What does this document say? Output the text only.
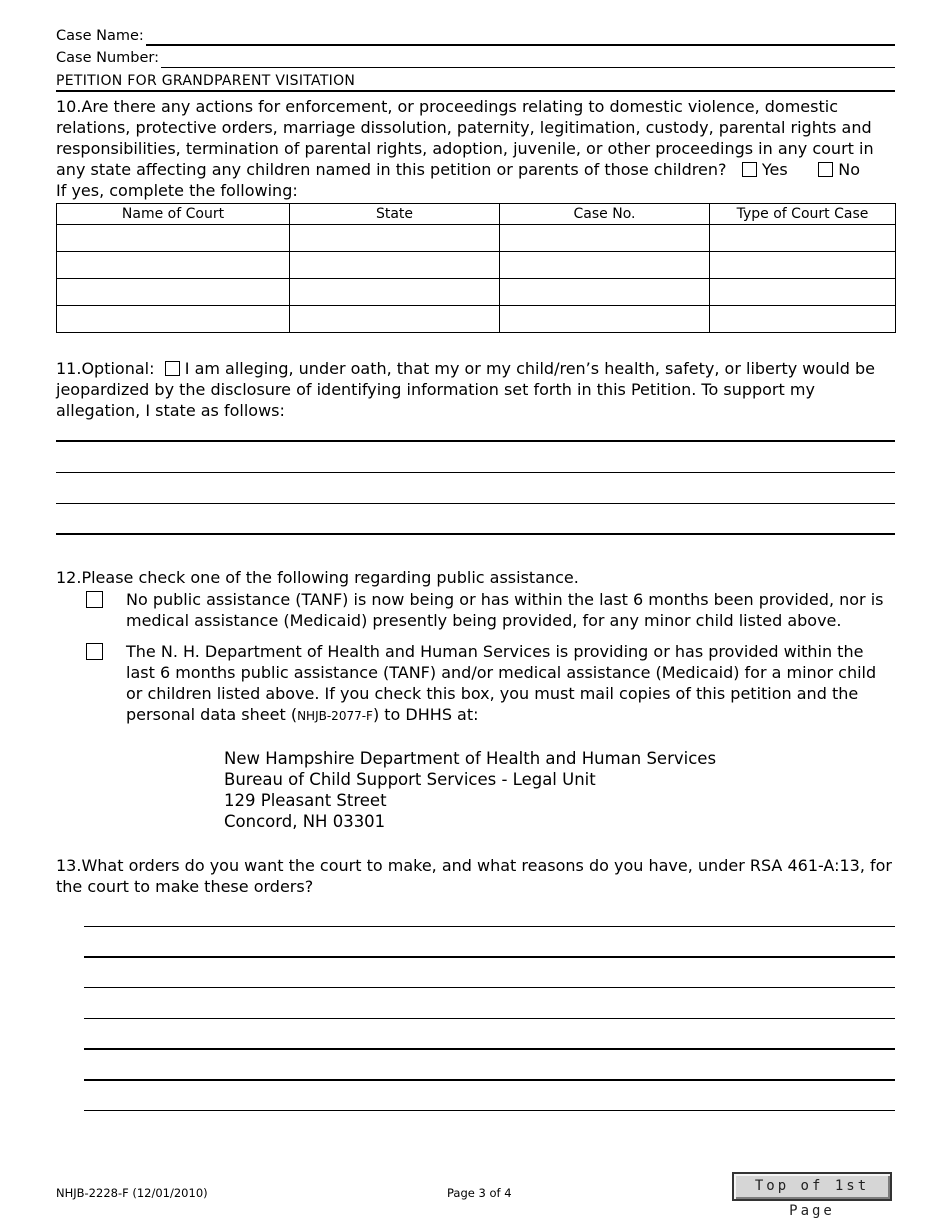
Case Name:
Case Number:
PETITION FOR GRANDPARENT VISITATION
10.Are there any actions for enforcement, or proceedings relating to domestic violence, domestic relations, protective orders, marriage dissolution, paternity, legitimation, custody, parental rights and responsibilities, termination of parental rights, adoption, juvenile, or other proceedings in any court in any state affecting any children named in this petition or parents of those children? Yes	No
If yes, complete the following:
Name of Court	State	Case No.	Type of Court Case

11.Optional: I am alleging, under oath, that my or my child/ren’s health, safety, or liberty would be jeopardized by the disclosure of identifying information set forth in this Petition. To support my allegation, I state as follows:
12.Please check one of the following regarding public assistance.
No public assistance (TANF) is now being or has within the last 6 months been provided, nor is medical assistance (Medicaid) presently being provided, for any minor child listed above.
The N. H. Department of Health and Human Services is providing or has provided within the last 6 months public assistance (TANF) and/or medical assistance (Medicaid) for a minor child or children listed above. If you check this box, you must mail copies of this petition and the personal data sheet (NHJB-2077-F) to DHHS at:
New Hampshire Department of Health and Human Services
Bureau of Child Support Services - Legal Unit
129 Pleasant Street
Concord, NH 03301
13.What orders do you want the court to make, and what reasons do you have, under RSA 461-A:13, for the court to make these orders?
NHJB-2228-F (12/01/2010)	Page 3 of 4	Top of 1st Page
